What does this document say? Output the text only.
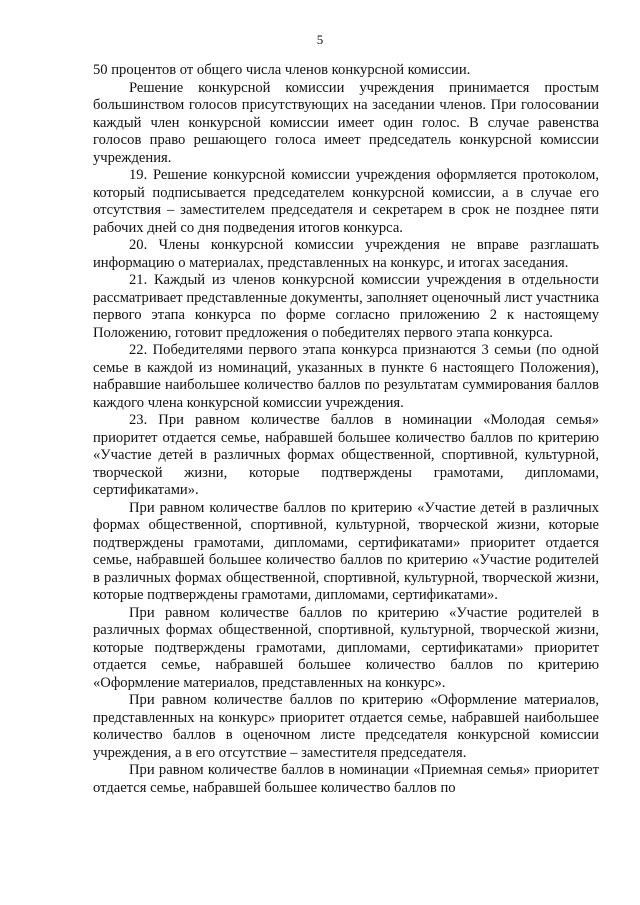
5

50 процентов от общего числа членов конкурсной комиссии.

Решение конкурсной комиссии учреждения принимается простым большинством голосов присутствующих на заседании членов. При голосовании каждый член конкурсной комиссии имеет один голос. В случае равенства голосов право решающего голоса имеет председатель конкурсной комиссии учреждения.

19. Решение конкурсной комиссии учреждения оформляется протоколом, который подписывается председателем конкурсной комиссии, а в случае его отсутствия – заместителем председателя и секретарем в срок не позднее пяти рабочих дней со дня подведения итогов конкурса.

20. Члены конкурсной комиссии учреждения не вправе разглашать информацию о материалах, представленных на конкурс, и итогах заседания.

21. Каждый из членов конкурсной комиссии учреждения в отдельности рассматривает представленные документы, заполняет оценочный лист участника первого этапа конкурса по форме согласно приложению 2 к настоящему Положению, готовит предложения о победителях первого этапа конкурса.

22. Победителями первого этапа конкурса признаются 3 семьи (по одной семье в каждой из номинаций, указанных в пункте 6 настоящего Положения), набравшие наибольшее количество баллов по результатам суммирования баллов каждого члена конкурсной комиссии учреждения.

23. При равном количестве баллов в номинации «Молодая семья» приоритет отдается семье, набравшей большее количество баллов по критерию «Участие детей в различных формах общественной, спортивной, культурной, творческой жизни, которые подтверждены грамотами, дипломами, сертификатами».

При равном количестве баллов по критерию «Участие детей в различных формах общественной, спортивной, культурной, творческой жизни, которые подтверждены грамотами, дипломами, сертификатами» приоритет отдается семье, набравшей большее количество баллов по критерию «Участие родителей в различных формах общественной, спортивной, культурной, творческой жизни, которые подтверждены грамотами, дипломами, сертификатами».

При равном количестве баллов по критерию «Участие родителей в различных формах общественной, спортивной, культурной, творческой жизни, которые подтверждены грамотами, дипломами, сертификатами» приоритет отдается семье, набравшей большее количество баллов по критерию «Оформление материалов, представленных на конкурс».

При равном количестве баллов по критерию «Оформление материалов, представленных на конкурс» приоритет отдается семье, набравшей наибольшее количество баллов в оценочном листе председателя конкурсной комиссии учреждения, а в его отсутствие – заместителя председателя.

При равном количестве баллов в номинации «Приемная семья» приоритет отдается семье, набравшей большее количество баллов по
